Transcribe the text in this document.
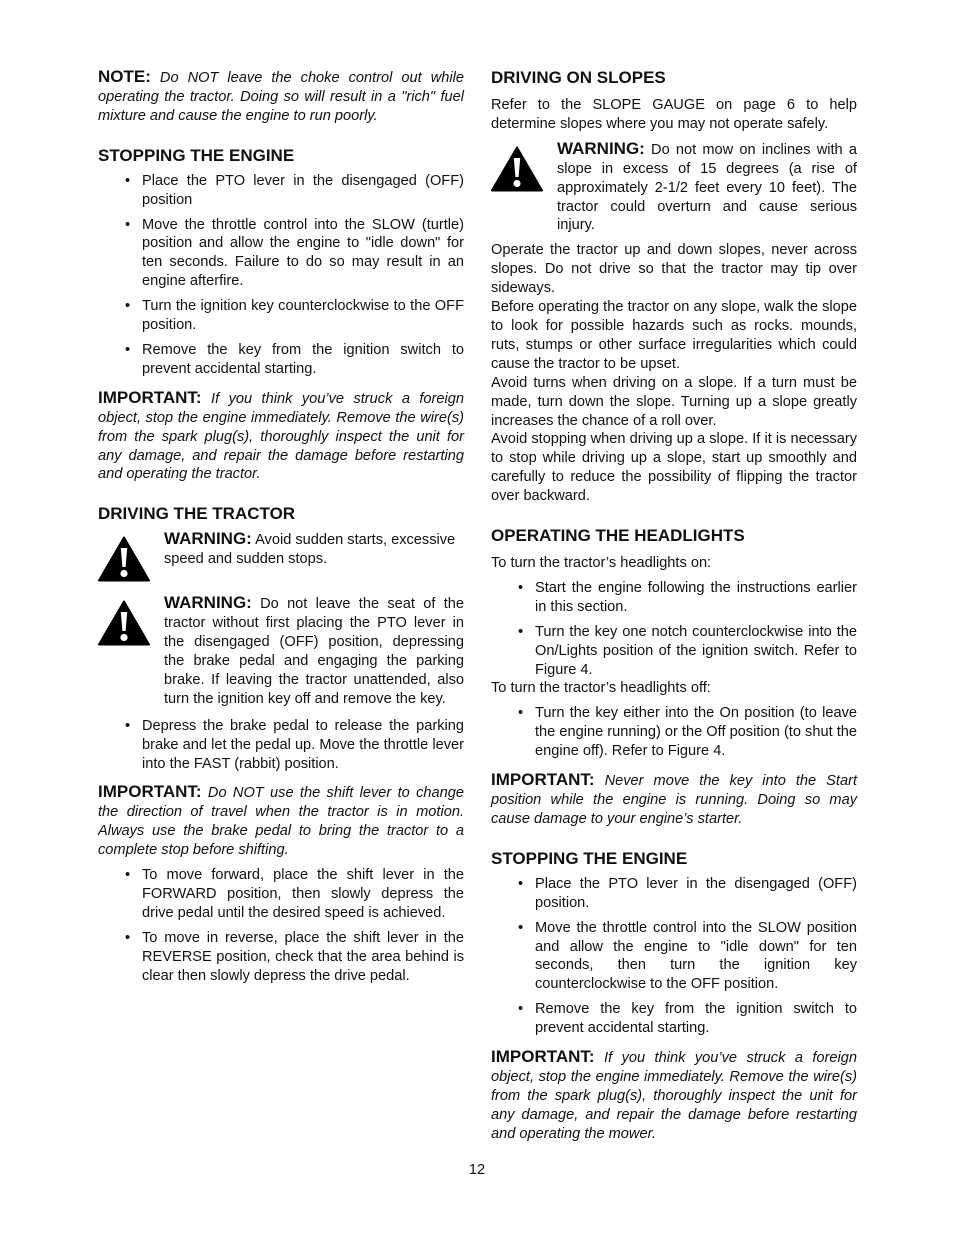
NOTE: Do NOT leave the choke control out while operating the tractor. Doing so will result in a "rich" fuel mixture and cause the engine to run poorly.

STOPPING THE ENGINE
• Place the PTO lever in the disengaged (OFF) position
• Move the throttle control into the SLOW (turtle) position and allow the engine to "idle down" for ten seconds. Failure to do so may result in an engine afterfire.
• Turn the ignition key counterclockwise to the OFF position.
• Remove the key from the ignition switch to prevent accidental starting.

IMPORTANT: If you think you’ve struck a foreign object, stop the engine immediately. Remove the wire(s) from the spark plug(s), thoroughly inspect the unit for any damage, and repair the damage before restarting and operating the tractor.

DRIVING THE TRACTOR

WARNING: Avoid sudden starts, excessive speed and sudden stops.

WARNING: Do not leave the seat of the tractor without first placing the PTO lever in the disengaged (OFF) position, depressing the brake pedal and engaging the parking brake. If leaving the tractor unattended, also turn the ignition key off and remove the key.

• Depress the brake pedal to release the parking brake and let the pedal up. Move the throttle lever into the FAST (rabbit) position.

IMPORTANT: Do NOT use the shift lever to change the direction of travel when the tractor is in motion. Always use the brake pedal to bring the tractor to a complete stop before shifting.

• To move forward, place the shift lever in the FORWARD position, then slowly depress the drive pedal until the desired speed is achieved.
• To move in reverse, place the shift lever in the REVERSE position, check that the area behind is clear then slowly depress the drive pedal.
DRIVING ON SLOPES

Refer to the SLOPE GAUGE on page 6 to help determine slopes where you may not operate safely.

WARNING: Do not mow on inclines with a slope in excess of 15 degrees (a rise of approximately 2-1/2 feet every 10 feet). The tractor could overturn and cause serious injury.

Operate the tractor up and down slopes, never across slopes. Do not drive so that the tractor may tip over sideways.

Before operating the tractor on any slope, walk the slope to look for possible hazards such as rocks. mounds, ruts, stumps or other surface irregularities which could cause the tractor to be upset.

Avoid turns when driving on a slope. If a turn must be made, turn down the slope. Turning up a slope greatly increases the chance of a roll over.

Avoid stopping when driving up a slope. If it is necessary to stop while driving up a slope, start up smoothly and carefully to reduce the possibility of flipping the tractor over backward.

OPERATING THE HEADLIGHTS

To turn the tractor’s headlights on:

• Start the engine following the instructions earlier in this section.
• Turn the key one notch counterclockwise into the On/Lights position of the ignition switch. Refer to Figure 4.

To turn the tractor’s headlights off:

• Turn the key either into the On position (to leave the engine running) or the Off position (to shut the engine off). Refer to Figure 4.

IMPORTANT: Never move the key into the Start position while the engine is running. Doing so may cause damage to your engine’s starter.

STOPPING THE ENGINE
• Place the PTO lever in the disengaged (OFF) position.
• Move the throttle control into the SLOW position and allow the engine to "idle down" for ten seconds, then turn the ignition key counterclockwise to the OFF position.
• Remove the key from the ignition switch to prevent accidental starting.

IMPORTANT: If you think you’ve struck a foreign object, stop the engine immediately. Remove the wire(s) from the spark plug(s), thoroughly inspect the unit for any damage, and repair the damage before restarting and operating the mower.

12
